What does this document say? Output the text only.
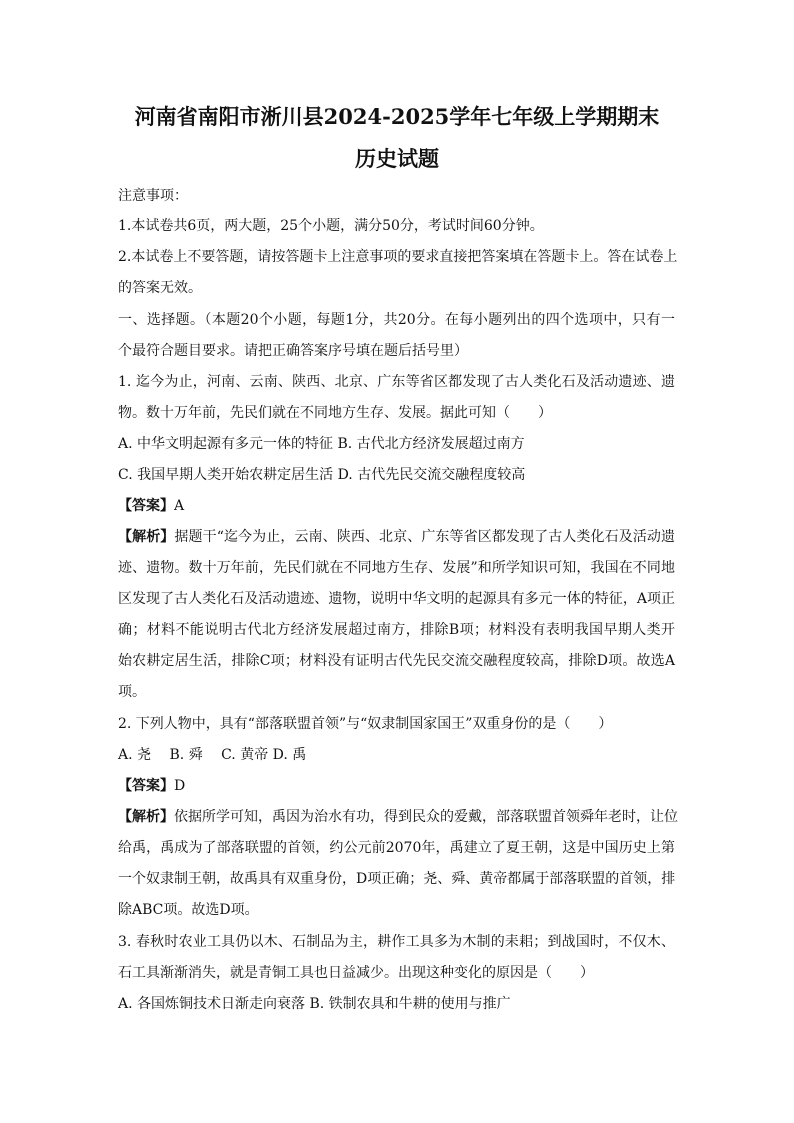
河南省南阳市淅川县2024-2025学年七年级上学期期末
历史试题
注意事项：
1.本试卷共6页，两大题，25个小题，满分50分，考试时间60分钟。
2.本试卷上不要答题，请按答题卡上注意事项的要求直接把答案填在答题卡上。答在试卷上
的答案无效。
一、选择题。（本题20个小题，每题1分，共20分。在每小题列出的四个选项中，只有一
个最符合题目要求。请把正确答案序号填在题后括号里）
1. 迄今为止，河南、云南、陕西、北京、广东等省区都发现了古人类化石及活动遗迹、遗
物。数十万年前，先民们就在不同地方生存、发展。据此可知（　　）
A. 中华文明起源有多元一体的特征 B. 古代北方经济发展超过南方
C. 我国早期人类开始农耕定居生活 D. 古代先民交流交融程度较高
【答案】A
【解析】据题干“迄今为止，云南、陕西、北京、广东等省区都发现了古人类化石及活动遗
迹、遗物。数十万年前，先民们就在不同地方生存、发展”和所学知识可知，我国在不同地
区发现了古人类化石及活动遗迹、遗物，说明中华文明的起源具有多元一体的特征，A项正
确；材料不能说明古代北方经济发展超过南方，排除B项；材料没有表明我国早期人类开
始农耕定居生活，排除C项；材料没有证明古代先民交流交融程度较高，排除D项。故选A
项。
2. 下列人物中，具有“部落联盟首领”与“奴隶制国家国王”双重身份的是（　　）
A. 尧　 B. 舜　 C. 黄帝 D. 禹
【答案】D
【解析】依据所学可知，禹因为治水有功，得到民众的爱戴，部落联盟首领舜年老时，让位
给禹，禹成为了部落联盟的首领，约公元前2070年，禹建立了夏王朝，这是中国历史上第
一个奴隶制王朝，故禹具有双重身份，D项正确；尧、舜、黄帝都属于部落联盟的首领，排
除ABC项。故选D项。
3. 春秋时农业工具仍以木、石制品为主，耕作工具多为木制的耒耜；到战国时，不仅木、
石工具渐渐消失，就是青铜工具也日益减少。出现这种变化的原因是（　　）
A. 各国炼铜技术日渐走向衰落 B. 铁制农具和牛耕的使用与推广
